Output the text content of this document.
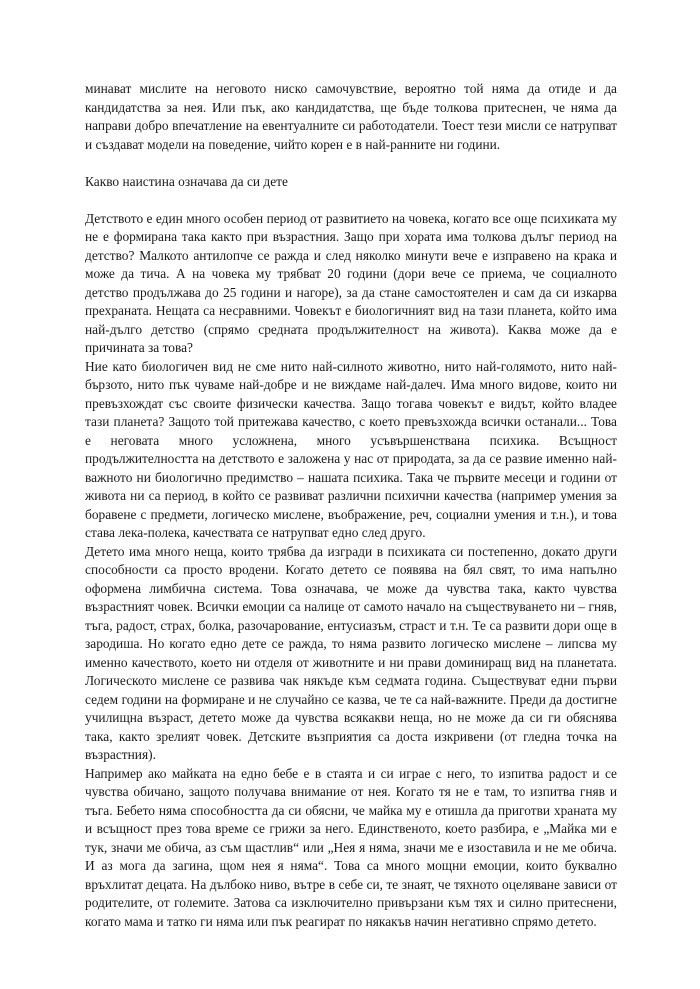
минават мислите на неговото ниско самочувствие, вероятно той няма да отиде и да кандидатства за нея. Или пък, ако кандидатства, ще бъде толкова притеснен, че няма да направи добро впечатление на евентуалните си работодатели. Тоест тези мисли се натрупват и създават модели на поведение, чийто корен е в най-ранните ни години.

Какво наистина означава да си дете

Детството е един много особен период от развитието на човека, когато все още психиката му не е формирана така както при възрастния. Защо при хората има толкова дълъг период на детство? Малкото антилопче се ражда и след няколко минути вече е изправено на крака и може да тича. А на човека му трябват 20 години (дори вече се приема, че социалното детство продължава до 25 години и нагоре), за да стане самостоятелен и сам да си изкарва прехраната. Нещата са несравними. Човекът е биологичният вид на тази планета, който има най-дълго детство (спрямо средната продължителност на живота). Каква може да е причината за това?

Ние като биологичен вид не сме нито най-силното животно, нито най-голямото, нито най-бързото, нито пък чуваме най-добре и не виждаме най-далеч. Има много видове, които ни превъзхождат със своите физически качества. Защо тогава човекът е видът, който владее тази планета? Защото той притежава качество, с което превъзхожда всички останали... Това е неговата много усложнена, много усъвършенствана психика. Всъщност продължителността на детството е заложена у нас от природата, за да се развие именно най-важното ни биологично предимство – нашата психика. Така че първите месеци и години от живота ни са период, в който се развиват различни психични качества (например умения за боравене с предмети, логическо мислене, въображение, реч, социални умения и т.н.), и това става лека-полека, качествата се натрупват едно след друго.

Детето има много неща, които трябва да изгради в психиката си постепенно, докато други способности са просто вродени. Когато детето се появява на бял свят, то има напълно оформена лимбична система. Това означава, че може да чувства така, както чувства възрастният човек. Всички емоции са налице от самото начало на съществуването ни – гняв, тъга, радост, страх, болка, разочарование, ентусиазъм, страст и т.н. Те са развити дори още в зародиша. Но когато едно дете се ражда, то няма развито логическо мислене – липсва му именно качеството, което ни отделя от животните и ни прави доминиращ вид на планетата. Логическото мислене се развива чак някъде към седмата година. Съществуват едни първи седем години на формиране и не случайно се казва, че те са най-важните. Преди да достигне училищна възраст, детето може да чувства всякакви неща, но не може да си ги обяснява така, както зрелият човек. Детските възприятия са доста изкривени (от гледна точка на възрастния).

Например ако майката на едно бебе е в стаята и си играе с него, то изпитва радост и се чувства обичано, защото получава внимание от нея. Когато тя не е там, то изпитва гняв и тъга. Бебето няма способността да си обясни, че майка му е отишла да приготви храната му и всъщност през това време се грижи за него. Единственото, което разбира, е „Майка ми е тук, значи ме обича, аз съм щастлив“ или „Нея я няма, значи ме е изоставила и не ме обича. И аз мога да загина, щом нея я няма“. Това са много мощни емоции, които буквално връхлитат децата. На дълбоко ниво, вътре в себе си, те знаят, че тяхното оцеляване зависи от родителите, от големите. Затова са изключително привързани към тях и силно притеснени, когато мама и татко ги няма или пък реагират по някакъв начин негативно спрямо детето.
